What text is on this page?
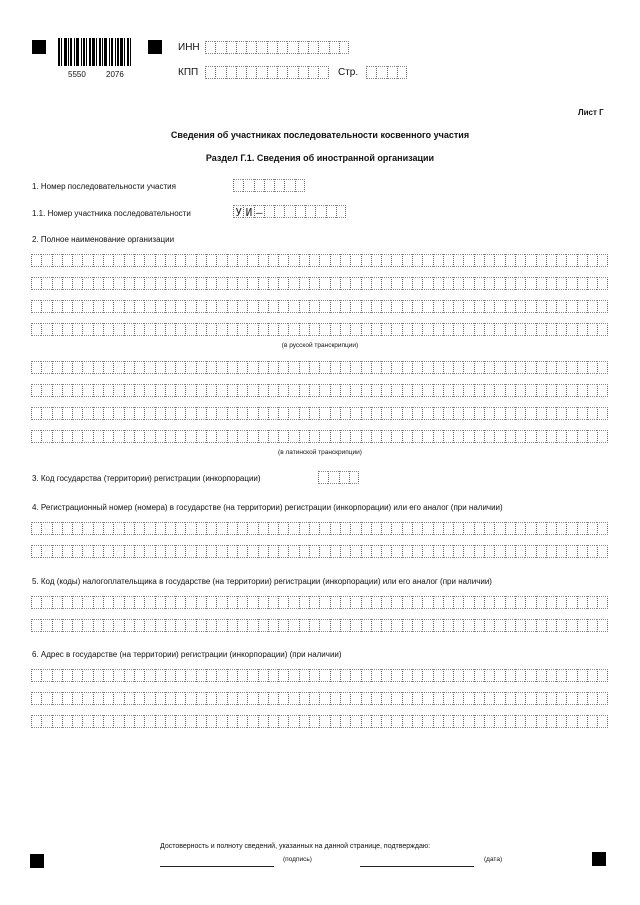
5550	2076
ИНН
КПП	Стр.
Лист Г
Сведения об участниках последовательности косвенного участия
Раздел Г.1. Сведения об иностранной организации
1. Номер последовательности участия
1.1. Номер участника последовательности	У И –
2. Полное наименование организации
(в русской транскрипции)
(в латинской транскрипции)
3. Код государства (территории) регистрации (инкорпорации)
4. Регистрационный номер (номера) в государстве (на территории) регистрации (инкорпорации) или его аналог (при наличии)
5. Код (коды) налогоплательщика в государстве (на территории) регистрации (инкорпорации) или его аналог (при наличии)
6. Адрес в государстве (на территории) регистрации (инкорпорации) (при наличии)
Достоверность и полноту сведений, указанных на данной странице, подтверждаю:
(подпись)	(дата)
